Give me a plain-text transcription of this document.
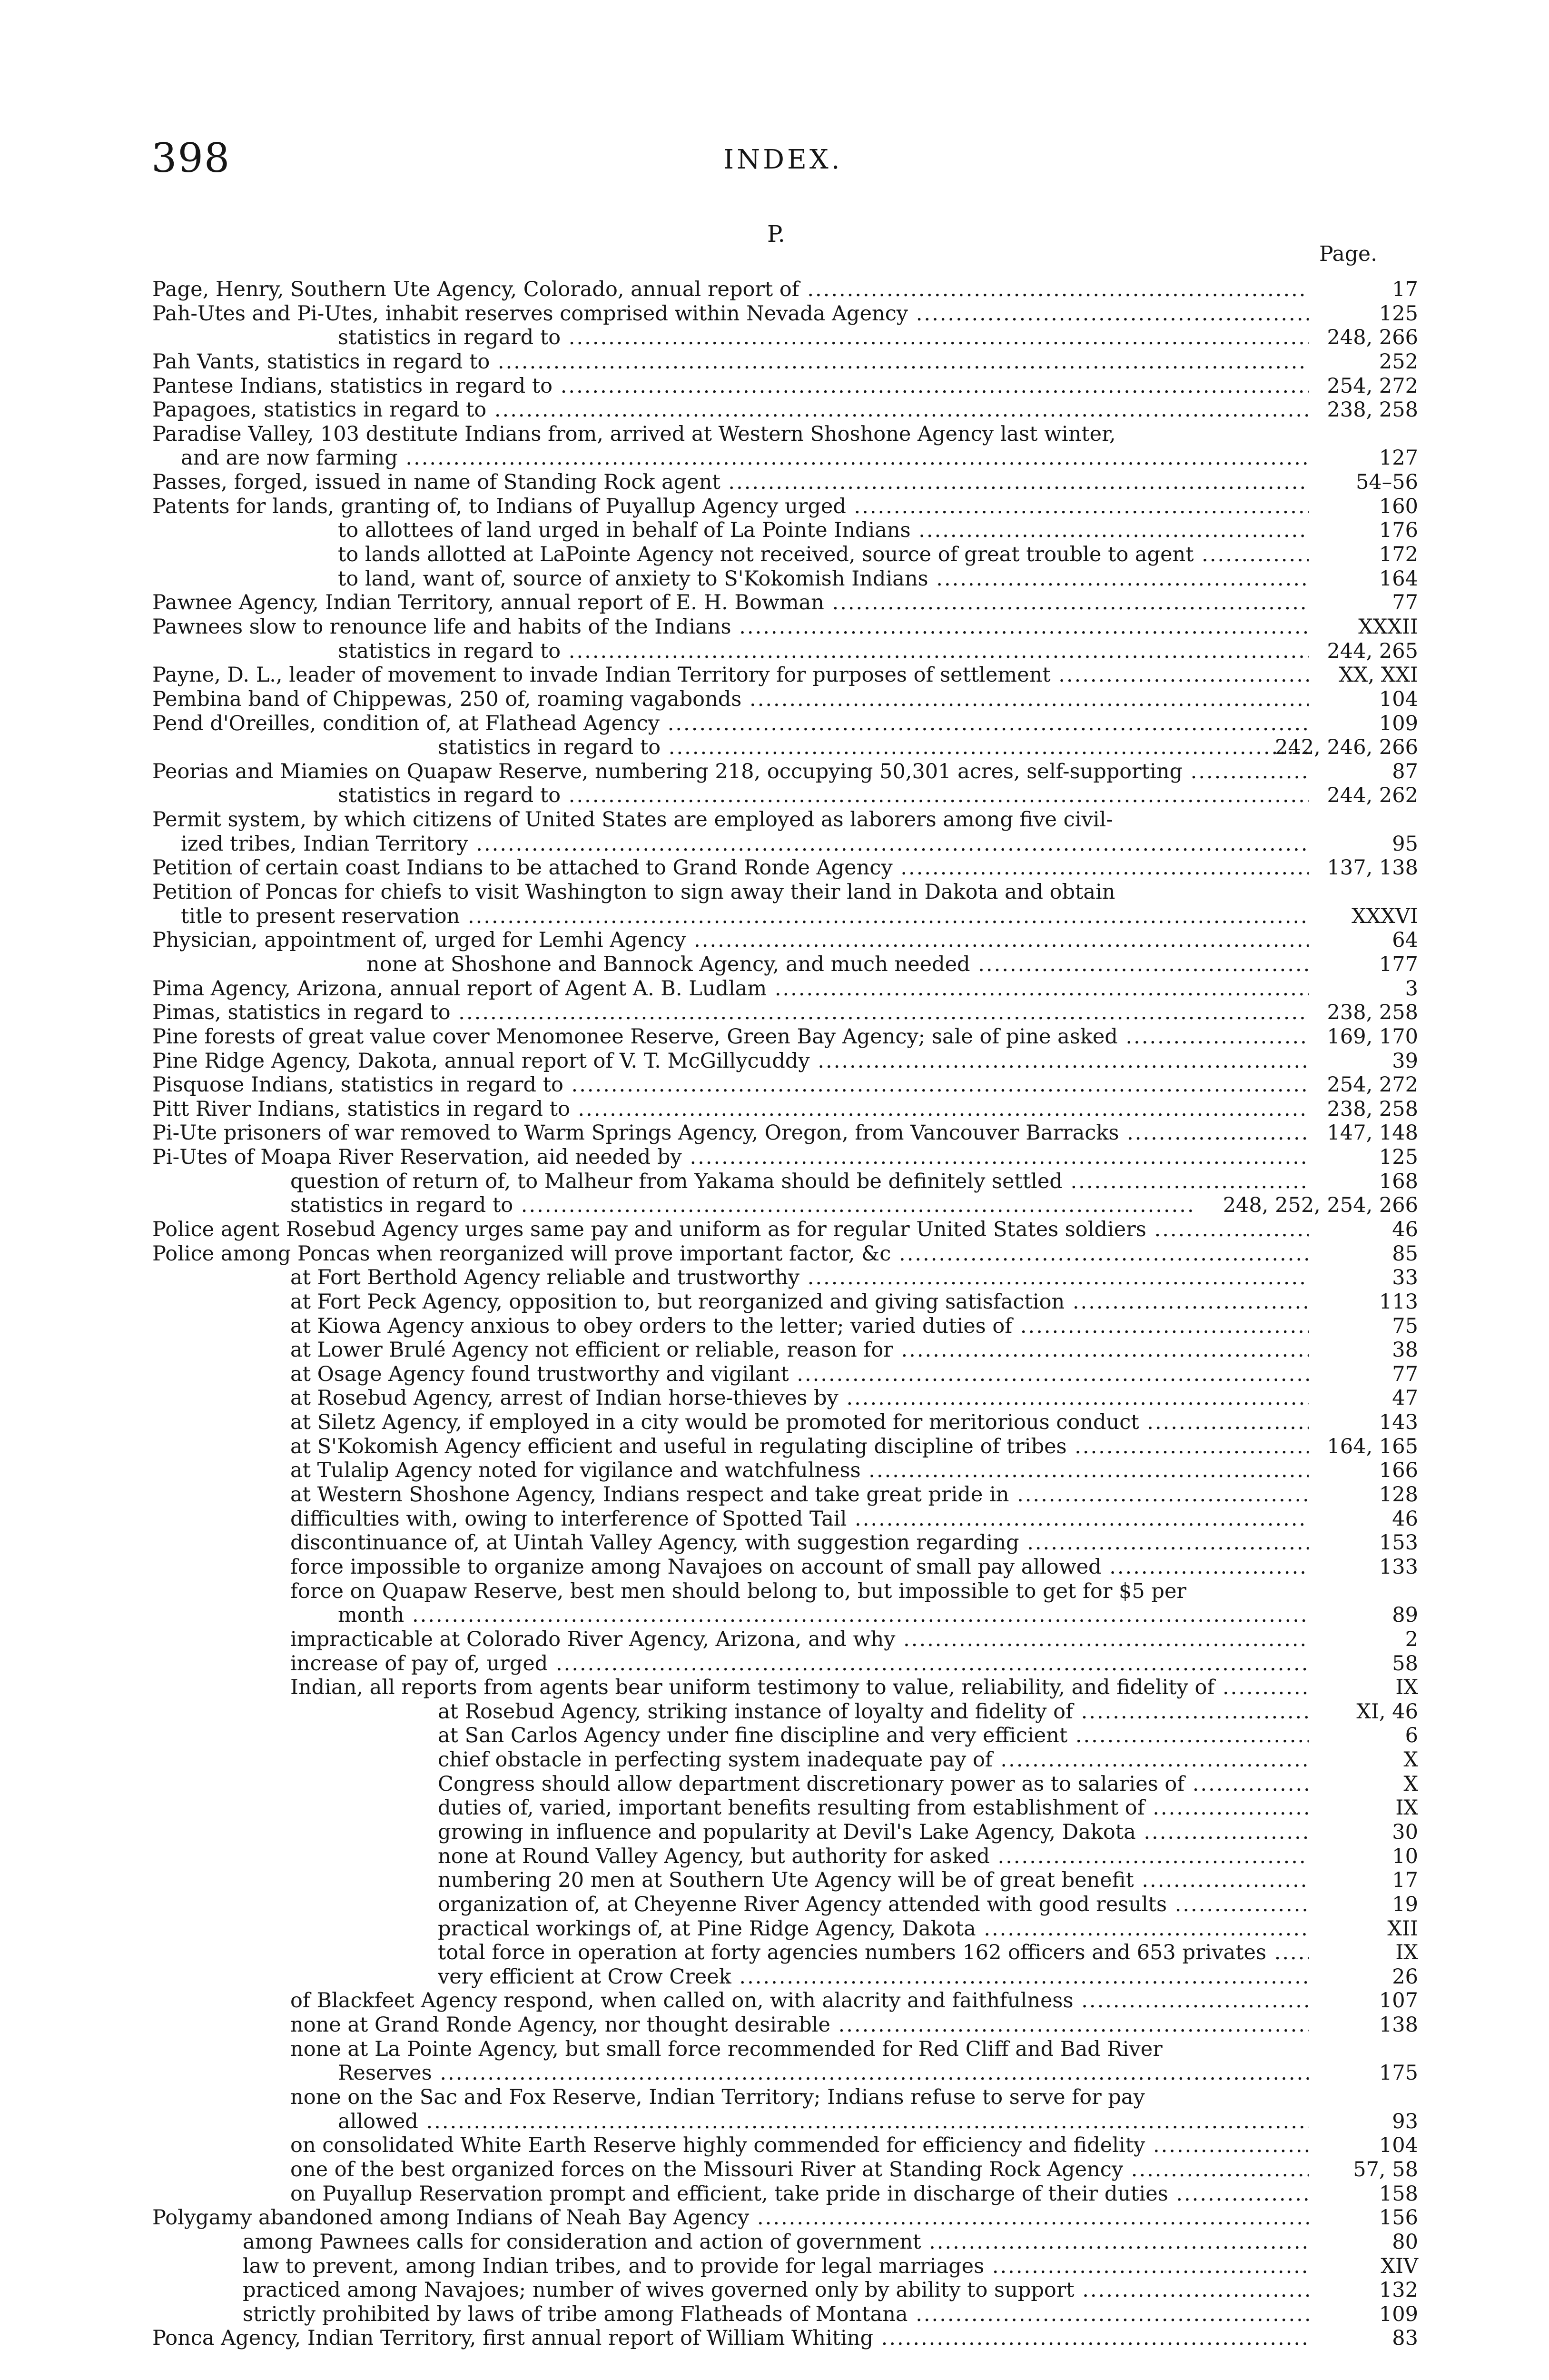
398	INDEX.
P.
Page.
Page, Henry, Southern Ute Agency, Colorado, annual report of .....	17
Pah-Utes and Pi-Utes, inhabit reserves comprised within Nevada Agency .....	125
statistics in regard to .....	248, 266
Pah Vants, statistics in regard to .....	252
Pantese Indians, statistics in regard to .....	254, 272
Papagoes, statistics in regard to .....	238, 258
Paradise Valley, 103 destitute Indians from, arrived at Western Shoshone Agency last winter,
and are now farming .....	127
Passes, forged, issued in name of Standing Rock agent .....	54–56
Patents for lands, granting of, to Indians of Puyallup Agency urged .....	160
to allottees of land urged in behalf of La Pointe Indians .....	176
to lands allotted at LaPointe Agency not received, source of great trouble to agent .....	172
to land, want of, source of anxiety to S'Kokomish Indians .....	164
Pawnee Agency, Indian Territory, annual report of E. H. Bowman .....	77
Pawnees slow to renounce life and habits of the Indians .....	XXXII
statistics in regard to .....	244, 265
Payne, D. L., leader of movement to invade Indian Territory for purposes of settlement .....	XX, XXI
Pembina band of Chippewas, 250 of, roaming vagabonds .....	104
Pend d'Oreilles, condition of, at Flathead Agency .....	109
statistics in regard to .....	242, 246, 266
Peorias and Miamies on Quapaw Reserve, numbering 218, occupying 50,301 acres, self-supporting .....	87
statistics in regard to .....	244, 262
Permit system, by which citizens of United States are employed as laborers among five civil-
ized tribes, Indian Territory .....	95
Petition of certain coast Indians to be attached to Grand Ronde Agency .....	137, 138
Petition of Poncas for chiefs to visit Washington to sign away their land in Dakota and obtain
title to present reservation .....	XXXVI
Physician, appointment of, urged for Lemhi Agency .....	64
none at Shoshone and Bannock Agency, and much needed .....	177
Pima Agency, Arizona, annual report of Agent A. B. Ludlam .....	3
Pimas, statistics in regard to .....	238, 258
Pine forests of great value cover Menomonee Reserve, Green Bay Agency; sale of pine asked .....	169, 170
Pine Ridge Agency, Dakota, annual report of V. T. McGillycuddy .....	39
Pisquose Indians, statistics in regard to .....	254, 272
Pitt River Indians, statistics in regard to .....	238, 258
Pi-Ute prisoners of war removed to Warm Springs Agency, Oregon, from Vancouver Barracks .....	147, 148
Pi-Utes of Moapa River Reservation, aid needed by .....	125
question of return of, to Malheur from Yakama should be definitely settled .....	168
statistics in regard to .....	248, 252, 254, 266
Police agent Rosebud Agency urges same pay and uniform as for regular United States soldiers .....	46
Police among Poncas when reorganized will prove important factor, &c .....	85
at Fort Berthold Agency reliable and trustworthy .....	33
at Fort Peck Agency, opposition to, but reorganized and giving satisfaction .....	113
at Kiowa Agency anxious to obey orders to the letter; varied duties of .....	75
at Lower Brulé Agency not efficient or reliable, reason for .....	38
at Osage Agency found trustworthy and vigilant .....	77
at Rosebud Agency, arrest of Indian horse-thieves by .....	47
at Siletz Agency, if employed in a city would be promoted for meritorious conduct .....	143
at S'Kokomish Agency efficient and useful in regulating discipline of tribes .....	164, 165
at Tulalip Agency noted for vigilance and watchfulness .....	166
at Western Shoshone Agency, Indians respect and take great pride in .....	128
difficulties with, owing to interference of Spotted Tail .....	46
discontinuance of, at Uintah Valley Agency, with suggestion regarding .....	153
force impossible to organize among Navajoes on account of small pay allowed .....	133
force on Quapaw Reserve, best men should belong to, but impossible to get for $5 per
month .....	89
impracticable at Colorado River Agency, Arizona, and why .....	2
increase of pay of, urged .....	58
Indian, all reports from agents bear uniform testimony to value, reliability, and fidelity of .....	IX
at Rosebud Agency, striking instance of loyalty and fidelity of .....	XI, 46
at San Carlos Agency under fine discipline and very efficient .....	6
chief obstacle in perfecting system inadequate pay of .....	X
Congress should allow department discretionary power as to salaries of .....	X
duties of, varied, important benefits resulting from establishment of .....	IX
growing in influence and popularity at Devil's Lake Agency, Dakota .....	30
none at Round Valley Agency, but authority for asked .....	10
numbering 20 men at Southern Ute Agency will be of great benefit .....	17
organization of, at Cheyenne River Agency attended with good results .....	19
practical workings of, at Pine Ridge Agency, Dakota .....	XII
total force in operation at forty agencies numbers 162 officers and 653 privates .....	IX
very efficient at Crow Creek .....	26
of Blackfeet Agency respond, when called on, with alacrity and faithfulness .....	107
none at Grand Ronde Agency, nor thought desirable .....	138
none at La Pointe Agency, but small force recommended for Red Cliff and Bad River
Reserves .....	175
none on the Sac and Fox Reserve, Indian Territory; Indians refuse to serve for pay
allowed .....	93
on consolidated White Earth Reserve highly commended for efficiency and fidelity .....	104
one of the best organized forces on the Missouri River at Standing Rock Agency .....	57, 58
on Puyallup Reservation prompt and efficient, take pride in discharge of their duties .....	158
Polygamy abandoned among Indians of Neah Bay Agency .....	156
among Pawnees calls for consideration and action of government .....	80
law to prevent, among Indian tribes, and to provide for legal marriages .....	XIV
practiced among Navajoes; number of wives governed only by ability to support .....	132
strictly prohibited by laws of tribe among Flatheads of Montana .....	109
Ponca Agency, Indian Territory, first annual report of William Whiting .....	83
